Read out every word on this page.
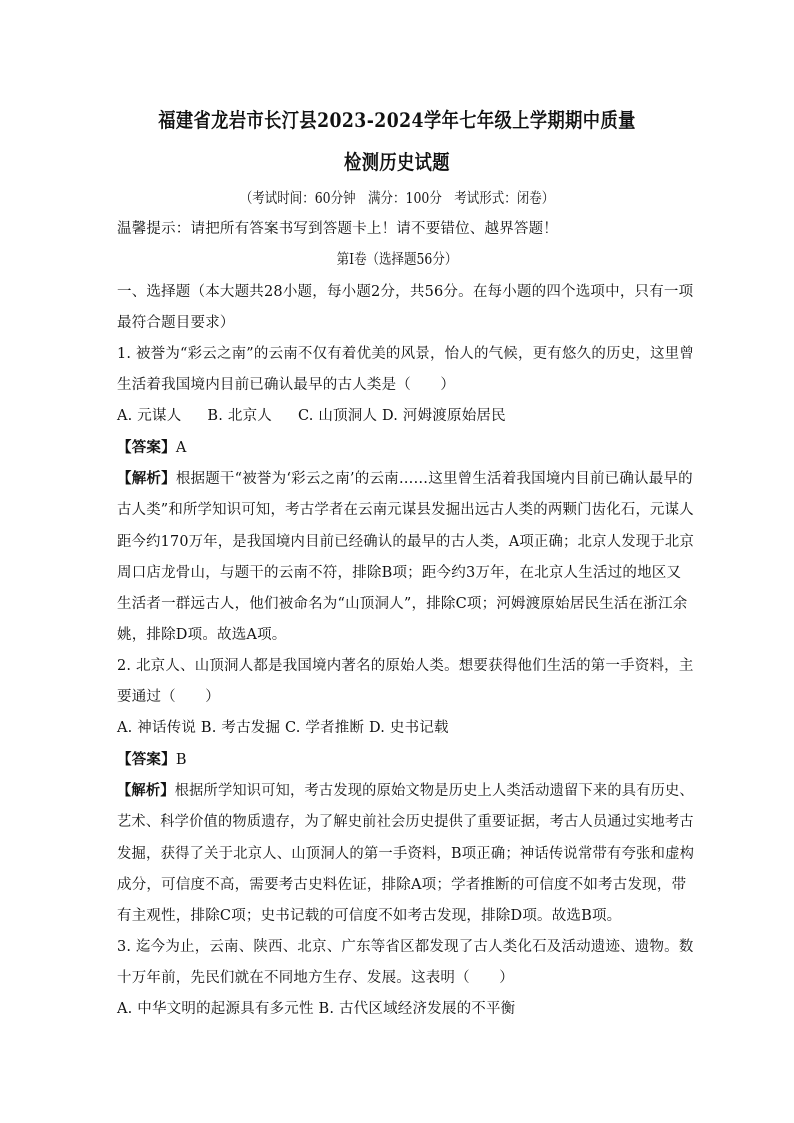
福建省龙岩市长汀县2023-2024学年七年级上学期期中质量
检测历史试题
（考试时间：60分钟　满分：100分　考试形式：闭卷）
温馨提示：请把所有答案书写到答题卡上！请不要错位、越界答题！
第Ⅰ卷（选择题56分）
一、选择题（本大题共28小题，每小题2分，共56分。在每小题的四个选项中，只有一项
最符合题目要求）
1. 被誉为“彩云之南”的云南不仅有着优美的风景，怡人的气候，更有悠久的历史，这里曾
生活着我国境内目前已确认最早的古人类是（　　）
A. 元谋人 B. 北京人 C. 山顶洞人 D. 河姆渡原始居民
【答案】A
【解析】根据题干“被誉为‘彩云之南’的云南……这里曾生活着我国境内目前已确认最早的
古人类”和所学知识可知，考古学者在云南元谋县发掘出远古人类的两颗门齿化石，元谋人
距今约170万年，是我国境内目前已经确认的最早的古人类，A项正确；北京人发现于北京
周口店龙骨山，与题干的云南不符，排除B项；距今约3万年，在北京人生活过的地区又
生活者一群远古人，他们被命名为“山顶洞人”，排除C项；河姆渡原始居民生活在浙江余
姚，排除D项。故选A项。
2. 北京人、山顶洞人都是我国境内著名的原始人类。想要获得他们生活的第一手资料，主
要通过（　　）
A. 神话传说 B. 考古发掘 C. 学者推断 D. 史书记载
【答案】B
【解析】根据所学知识可知，考古发现的原始文物是历史上人类活动遗留下来的具有历史、
艺术、科学价值的物质遗存，为了解史前社会历史提供了重要证据，考古人员通过实地考古
发掘，获得了关于北京人、山顶洞人的第一手资料，B项正确；神话传说常带有夸张和虚构
成分，可信度不高，需要考古史料佐证，排除A项；学者推断的可信度不如考古发现，带
有主观性，排除C项；史书记载的可信度不如考古发现，排除D项。故选B项。
3. 迄今为止，云南、陕西、北京、广东等省区都发现了古人类化石及活动遗迹、遗物。数
十万年前，先民们就在不同地方生存、发展。这表明（　　）
A. 中华文明的起源具有多元性 B. 古代区域经济发展的不平衡
